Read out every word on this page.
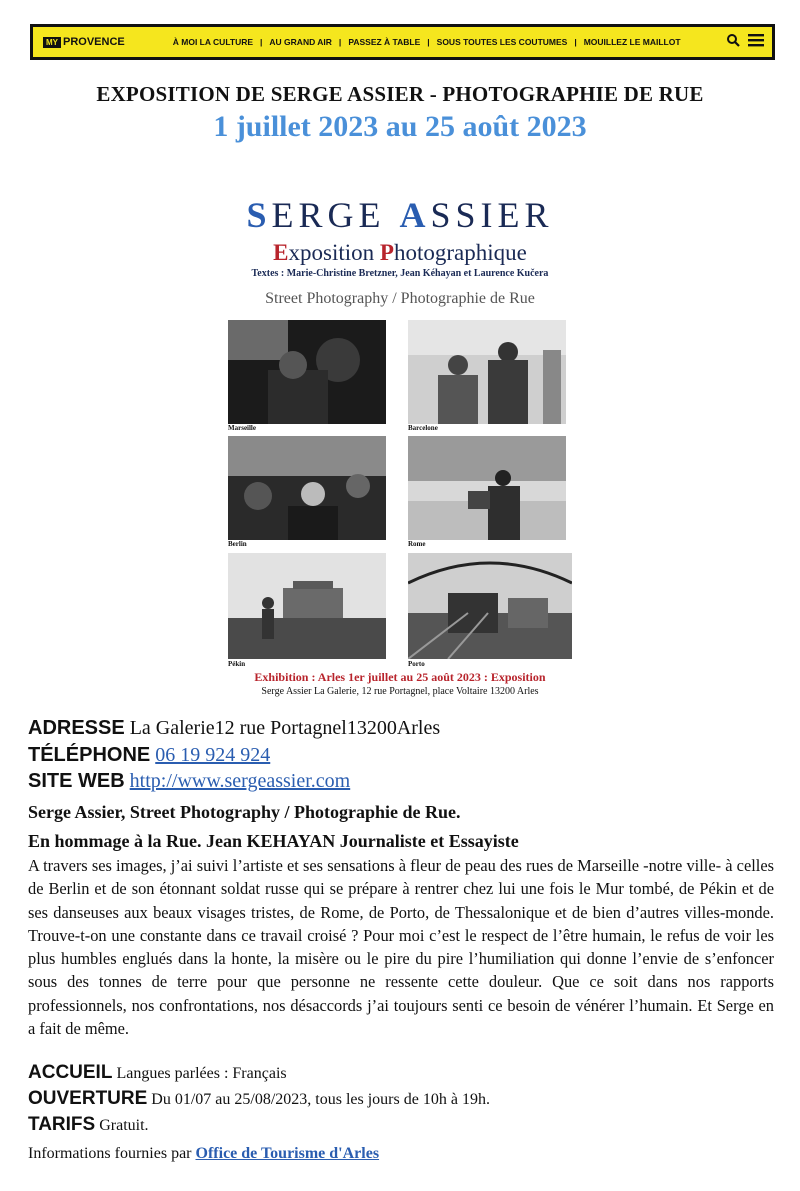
MY PROVENCE	À MOI LA CULTURE | AU GRAND AIR | PASSEZ À TABLE | SOUS TOUTES LES COUTUMES | MOUILLEZ LE MAILLOT
EXPOSITION DE SERGE ASSIER - PHOTOGRAPHIE DE RUE
1 juillet 2023 au 25 août 2023
SERGE ASSIER
Exposition Photographique
Textes : Marie-Christine Bretzner, Jean Kéhayan et Laurence Kučera
Street Photography / Photographie de Rue
Marseille	Barcelone
Berlin	Rome
Pékin	Porto
Exhibition : Arles 1er juillet au 25 août 2023 : Exposition
Serge Assier La Galerie, 12 rue Portagnel, place Voltaire 13200 Arles
ADRESSE La Galerie12 rue Portagnel13200Arles
TÉLÉPHONE 06 19 924 924
SITE WEB http://www.sergeassier.com
Serge Assier, Street Photography / Photographie de Rue.
En hommage à la Rue. Jean KEHAYAN Journaliste et Essayiste
A travers ses images, j’ai suivi l’artiste et ses sensations à fleur de peau des rues de Marseille -notre ville- à celles de Berlin et de son étonnant soldat russe qui se prépare à rentrer chez lui une fois le Mur tombé, de Pékin et de ses danseuses aux beaux visages tristes, de Rome, de Porto, de Thessalonique et de bien d’autres villes-monde. Trouve-t-on une constante dans ce travail croisé ? Pour moi c’est le respect de l’être humain, le refus de voir les plus humbles englués dans la honte, la misère ou le pire du pire l’humiliation qui donne l’envie de s’enfoncer sous des tonnes de terre pour que personne ne ressente cette douleur. Que ce soit dans nos rapports professionnels, nos confrontations, nos désaccords j’ai toujours senti ce besoin de vénérer l’humain. Et Serge en a fait de même.
ACCUEIL Langues parlées : Français
OUVERTURE Du 01/07 au 25/08/2023, tous les jours de 10h à 19h.
TARIFS Gratuit.
Informations fournies par Office de Tourisme d'Arles
